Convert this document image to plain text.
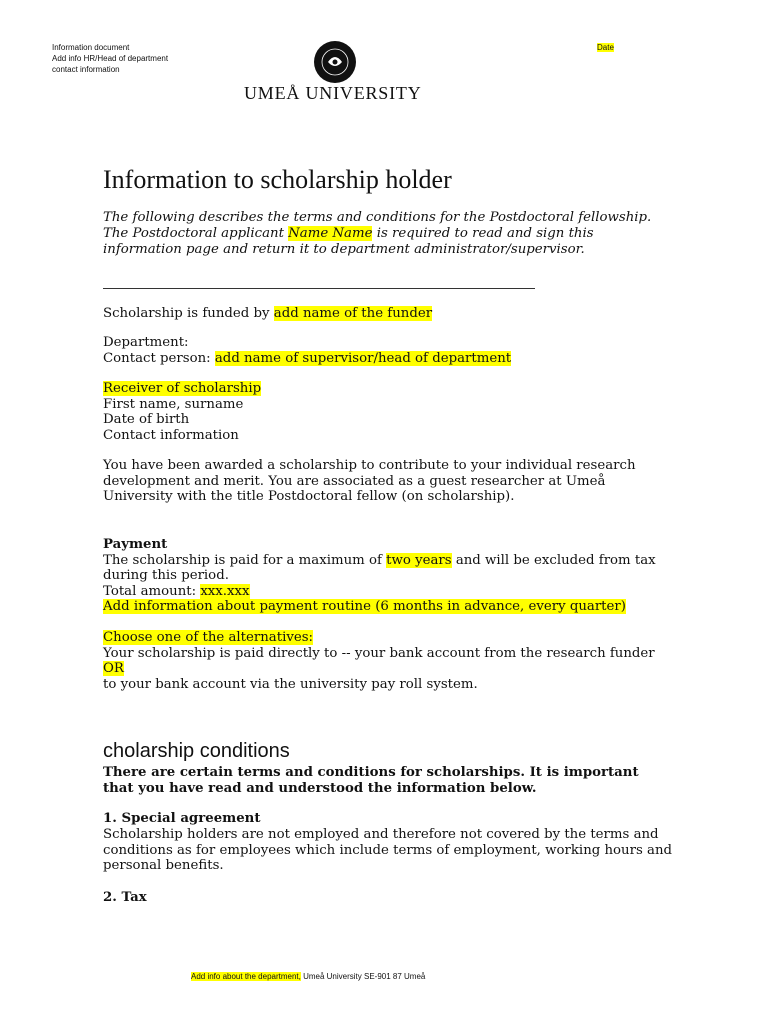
Information document
Add info HR/Head of department
contact information
Date
UMEÅ UNIVERSITY
Information to scholarship holder
The following describes the terms and conditions for the Postdoctoral fellowship. The Postdoctoral applicant Name Name is required to read and sign this information page and return it to department administrator/supervisor.
Scholarship is funded by add name of the funder
Department:
Contact person: add name of supervisor/head of department
Receiver of scholarship
First name, surname
Date of birth
Contact information
You have been awarded a scholarship to contribute to your individual research development and merit. You are associated as a guest researcher at Umeå University with the title Postdoctoral fellow (on scholarship).
Payment
The scholarship is paid for a maximum of two years and will be excluded from tax during this period.
Total amount: xxx.xxx
Add information about payment routine (6 months in advance, every quarter)
Choose one of the alternatives:
Your scholarship is paid directly to -- your bank account from the research funder OR
to your bank account via the university pay roll system.
cholarship conditions
There are certain terms and conditions for scholarships. It is important that you have read and understood the information below.
1. Special agreement
Scholarship holders are not employed and therefore not covered by the terms and conditions as for employees which include terms of employment, working hours and personal benefits.
2. Tax
Add info about the department, Umeå University SE-901 87 Umeå
